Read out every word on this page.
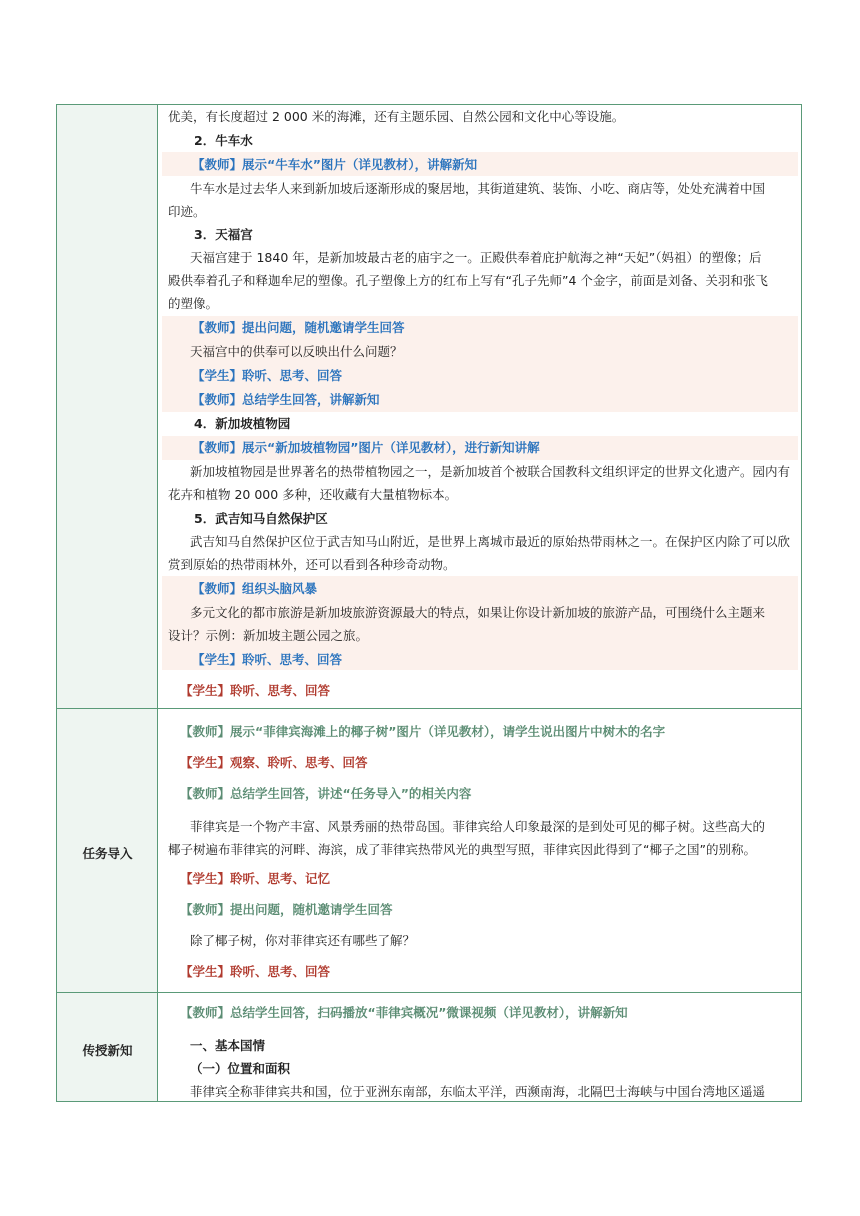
任务导入
传授新知
优美，有长度超过 2 000 米的海滩，还有主题乐园、自然公园和文化中心等设施。
2．牛车水
【教师】展示“牛车水”图片（详见教材），讲解新知
牛车水是过去华人来到新加坡后逐渐形成的聚居地，其街道建筑、装饰、小吃、商店等，处处充满着中国
印迹。
3．天福宫
天福宫建于 1840 年，是新加坡最古老的庙宇之一。正殿供奉着庇护航海之神“天妃”（妈祖）的塑像；后
殿供奉着孔子和释迦牟尼的塑像。孔子塑像上方的红布上写有“孔子先师”4 个金字，前面是刘备、关羽和张飞
的塑像。
【教师】提出问题，随机邀请学生回答
天福宫中的供奉可以反映出什么问题？
【学生】聆听、思考、回答
【教师】总结学生回答，讲解新知
4．新加坡植物园
【教师】展示“新加坡植物园”图片（详见教材），进行新知讲解
新加坡植物园是世界著名的热带植物园之一，是新加坡首个被联合国教科文组织评定的世界文化遗产。园内有
花卉和植物 20 000 多种，还收藏有大量植物标本。
5．武吉知马自然保护区
武吉知马自然保护区位于武吉知马山附近，是世界上离城市最近的原始热带雨林之一。在保护区内除了可以欣
赏到原始的热带雨林外，还可以看到各种珍奇动物。
【教师】组织头脑风暴
多元文化的都市旅游是新加坡旅游资源最大的特点，如果让你设计新加坡的旅游产品，可围绕什么主题来
设计？示例：新加坡主题公园之旅。
【学生】聆听、思考、回答
【学生】聆听、思考、回答
【教师】展示“菲律宾海滩上的椰子树”图片（详见教材），请学生说出图片中树木的名字
【学生】观察、聆听、思考、回答
【教师】总结学生回答，讲述“任务导入”的相关内容
菲律宾是一个物产丰富、风景秀丽的热带岛国。菲律宾给人印象最深的是到处可见的椰子树。这些高大的
椰子树遍布菲律宾的河畔、海滨，成了菲律宾热带风光的典型写照，菲律宾因此得到了“椰子之国”的别称。
【学生】聆听、思考、记忆
【教师】提出问题，随机邀请学生回答
除了椰子树，你对菲律宾还有哪些了解？
【学生】聆听、思考、回答
【教师】总结学生回答，扫码播放“菲律宾概况”微课视频（详见教材），讲解新知
一、基本国情
（一）位置和面积
菲律宾全称菲律宾共和国，位于亚洲东南部，东临太平洋，西濒南海，北隔巴士海峡与中国台湾地区遥遥
